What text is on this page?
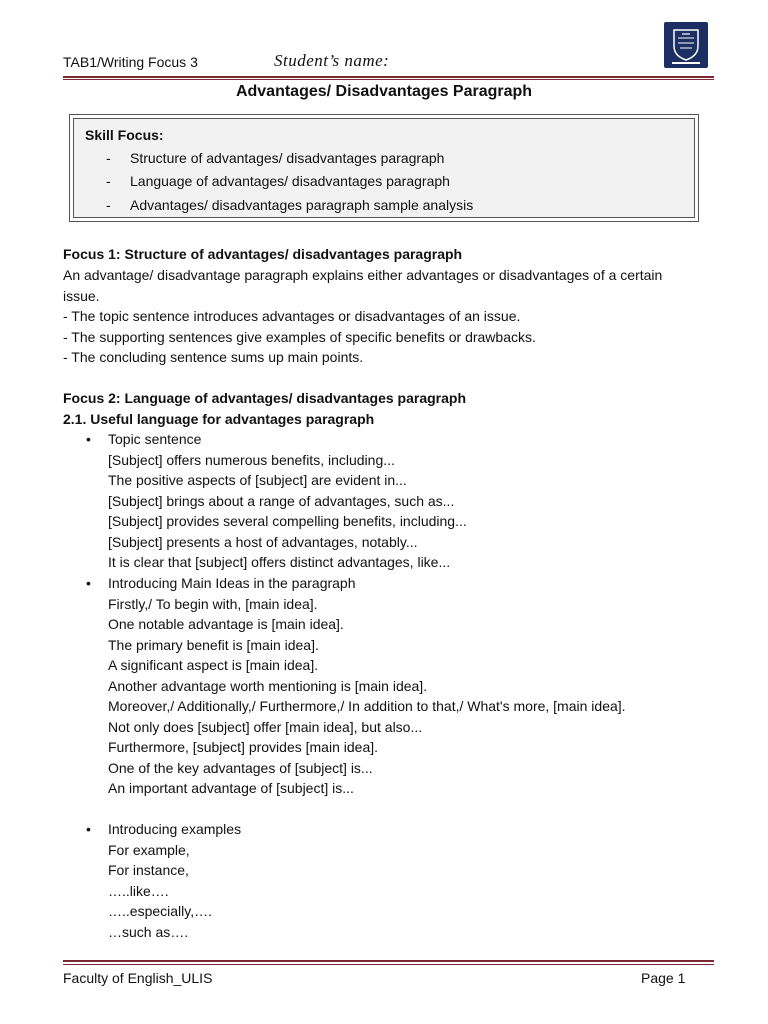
TAB1/Writing Focus 3	Student’s name:
Advantages/ Disadvantages Paragraph
Skill Focus:
- Structure of advantages/ disadvantages paragraph
- Language of advantages/ disadvantages paragraph
- Advantages/ disadvantages paragraph sample analysis
Focus 1: Structure of advantages/ disadvantages paragraph
An advantage/ disadvantage paragraph explains either advantages or disadvantages of a certain
issue.
- The topic sentence introduces advantages or disadvantages of an issue.
- The supporting sentences give examples of specific benefits or drawbacks.
- The concluding sentence sums up main points.
Focus 2: Language of advantages/ disadvantages paragraph
2.1. Useful language for advantages paragraph
• Topic sentence
[Subject] offers numerous benefits, including...
The positive aspects of [subject] are evident in...
[Subject] brings about a range of advantages, such as...
[Subject] provides several compelling benefits, including...
[Subject] presents a host of advantages, notably...
It is clear that [subject] offers distinct advantages, like...
• Introducing Main Ideas in the paragraph
Firstly,/ To begin with, [main idea].
One notable advantage is [main idea].
The primary benefit is [main idea].
A significant aspect is [main idea].
Another advantage worth mentioning is [main idea].
Moreover,/ Additionally,/ Furthermore,/ In addition to that,/ What's more, [main idea].
Not only does [subject] offer [main idea], but also...
Furthermore, [subject] provides [main idea].
One of the key advantages of [subject] is...
An important advantage of [subject] is...
• Introducing examples
For example,
For instance,
…..like….
…..especially,….
…such as….
Faculty of English_ULIS	Page 1
